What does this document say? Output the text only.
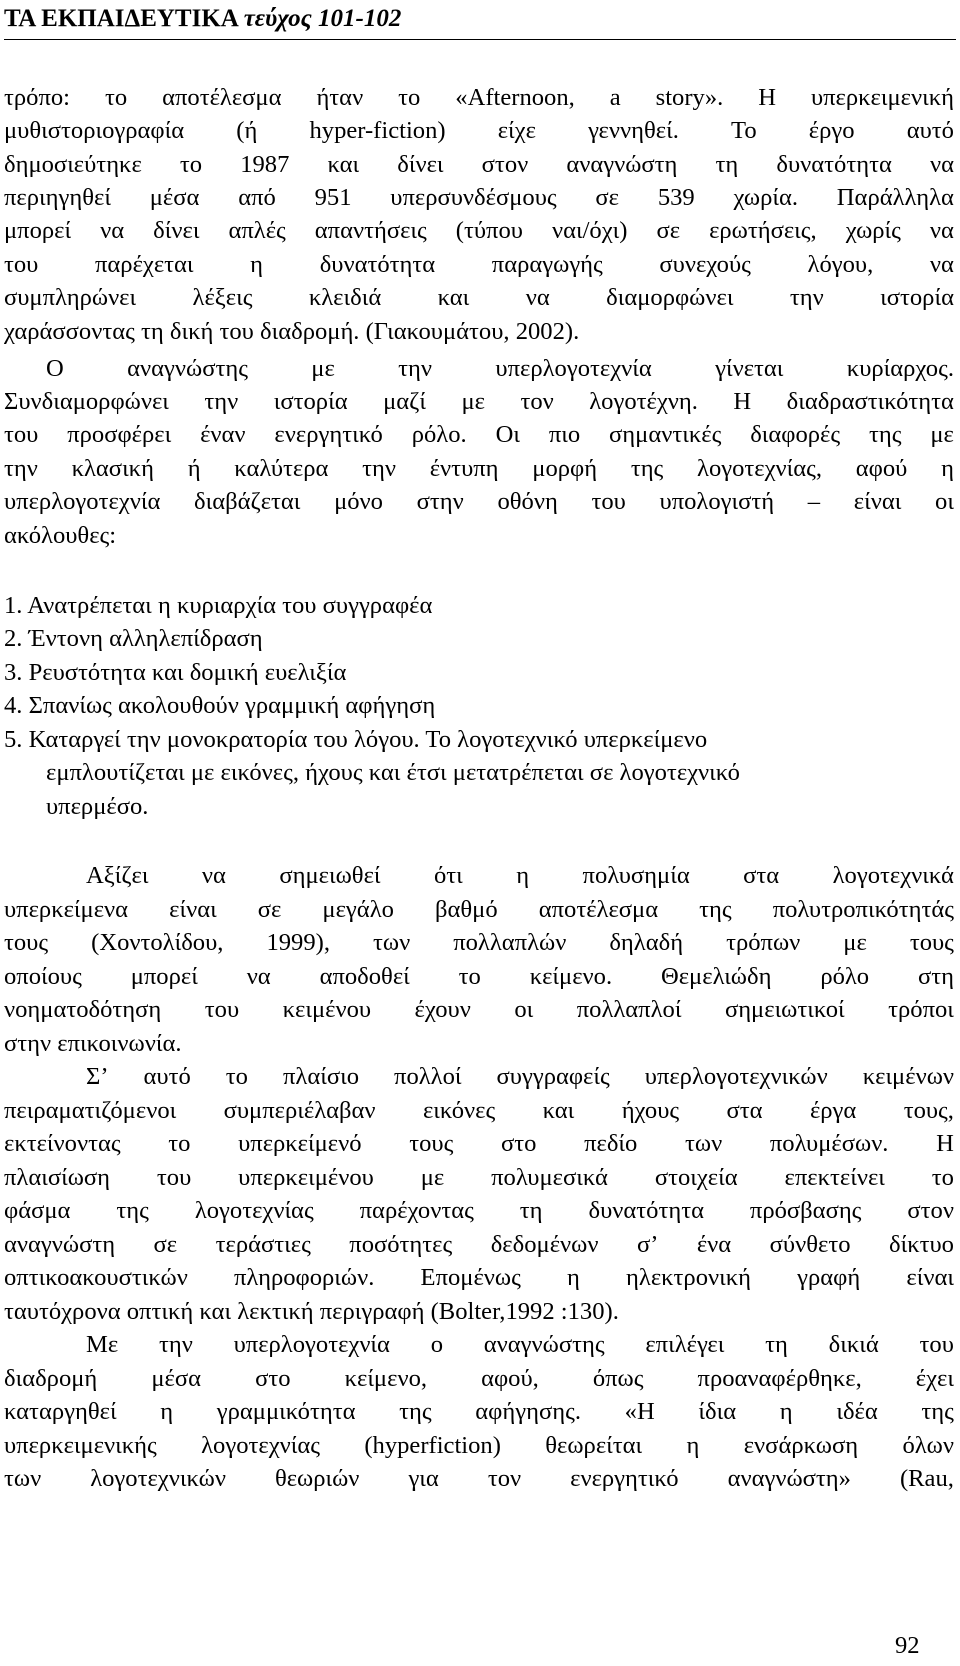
ΤΑ ΕΚΠΑΙΔΕΥΤΙΚΑ τεύχος 101-102
τρόπο: το αποτέλεσμα ήταν το «Afternoon, a story». Η υπερκειμενική
μυθιστοριογραφία (ή hyper-fiction) είχε γεννηθεί. Το έργο αυτό
δημοσιεύτηκε το 1987 και δίνει στον αναγνώστη τη δυνατότητα να
περιηγηθεί μέσα από 951 υπερσυνδέσμους σε 539 χωρία. Παράλληλα
μπορεί να δίνει απλές απαντήσεις (τύπου ναι/όχι) σε ερωτήσεις, χωρίς να
του παρέχεται η δυνατότητα παραγωγής συνεχούς λόγου, να
συμπληρώνει λέξεις κλειδιά και να διαμορφώνει την ιστορία
χαράσσοντας τη δική του διαδρομή. (Γιακουμάτου, 2002).
Ο	αναγνώστης	με	την	υπερλογοτεχνία	γίνεται	κυρίαρχος.
Συνδιαμορφώνει την ιστορία μαζί με τον λογοτέχνη. Η διαδραστικότητα
του προσφέρει έναν ενεργητικό ρόλο. Οι πιο σημαντικές διαφορές της με
την κλασική ή καλύτερα την έντυπη μορφή της λογοτεχνίας, αφού η
υπερλογοτεχνία διαβάζεται μόνο στην οθόνη του υπολογιστή – είναι οι
ακόλουθες:
1. Ανατρέπεται η κυριαρχία του συγγραφέα
2. Έντονη αλληλεπίδραση
3. Ρευστότητα και δομική ευελιξία
4. Σπανίως ακολουθούν γραμμική αφήγηση
5. Καταργεί την μονοκρατορία του λόγου. Το λογοτεχνικό υπερκείμενο
εμπλουτίζεται με εικόνες, ήχους και έτσι μετατρέπεται σε λογοτεχνικό
υπερμέσο.
Αξίζει να σημειωθεί ότι η πολυσημία στα λογοτεχνικά
υπερκείμενα είναι σε μεγάλο βαθμό αποτέλεσμα της πολυτροπικότητάς
τους (Χοντολίδου, 1999), των πολλαπλών δηλαδή τρόπων με τους
οποίους μπορεί να αποδοθεί το κείμενο. Θεμελιώδη ρόλο στη
νοηματοδότηση του κειμένου έχουν οι πολλαπλοί σημειωτικοί τρόποι
στην επικοινωνία.
Σ’ αυτό το πλαίσιο πολλοί συγγραφείς υπερλογοτεχνικών κειμένων
πειραματιζόμενοι συμπεριέλαβαν εικόνες και ήχους στα έργα τους,
εκτείνοντας το υπερκείμενό τους στο πεδίο των πολυμέσων. Η
πλαισίωση του υπερκειμένου με πολυμεσικά στοιχεία επεκτείνει το
φάσμα της λογοτεχνίας παρέχοντας τη δυνατότητα πρόσβασης στον
αναγνώστη σε τεράστιες ποσότητες δεδομένων σ’ ένα σύνθετο δίκτυο
οπτικοακουστικών πληροφοριών. Επομένως η ηλεκτρονική γραφή είναι
ταυτόχρονα οπτική και λεκτική περιγραφή (Bolter,1992 :130).
Με την υπερλογοτεχνία ο αναγνώστης επιλέγει τη δικιά του
διαδρομή μέσα στο κείμενο, αφού, όπως προαναφέρθηκε, έχει
καταργηθεί η γραμμικότητα της αφήγησης. «Η ίδια η ιδέα της
υπερκειμενικής λογοτεχνίας (hyperfiction) θεωρείται η ενσάρκωση όλων
των λογοτεχνικών θεωριών για τον ενεργητικό αναγνώστη» (Rau,
92
